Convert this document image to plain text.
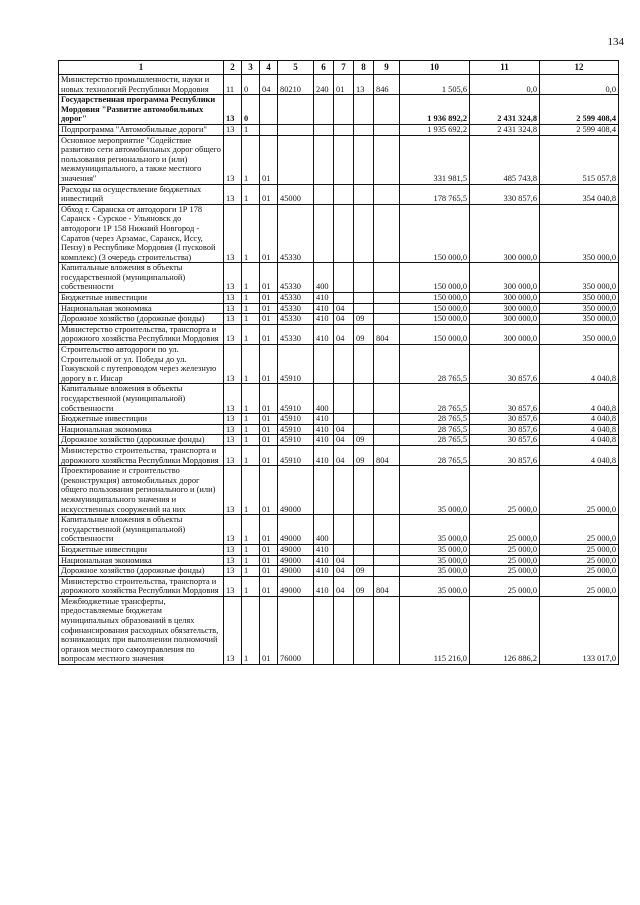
134
1	2	3	4	5	6	7	8	9	10	11	12
Министерство промышленности, науки и новых технологий Республики Мордовия	11	0	04	80210	240	01	13	846	1 505,6	0,0	0,0
Государственная программа Республики Мордовия "Развитие автомобильных дорог"	13	0							1 936 892,2	2 431 324,8	2 599 408,4
Подпрограмма "Автомобильные дороги"	13	1							1 935 692,2	2 431 324,8	2 599 408,4
Основное мероприятие "Содействие развитию сети автомобильных дорог общего пользования регионального и (или) межмуниципального, а также местного значения"	13	1	01						331 981,5	485 743,8	515 057,8
Расходы на осуществление бюджетных инвестиций	13	1	01	45000					178 765,5	330 857,6	354 040,8
Обход г. Саранска от автодороги 1Р 178 Саранск - Сурское - Ульяновск до автодороги 1Р 158 Нижний Новгород - Саратов (через Арзамас, Саранск, Исcу, Пензу) в Республике Мордовия (I пусковой комплекс) (3 очередь строительства)	13	1	01	45330					150 000,0	300 000,0	350 000,0
Капитальные вложения в объекты государственной (муниципальной) собственности	13	1	01	45330	400				150 000,0	300 000,0	350 000,0
Бюджетные инвестиции	13	1	01	45330	410				150 000,0	300 000,0	350 000,0
Национальная экономика	13	1	01	45330	410	04			150 000,0	300 000,0	350 000,0
Дорожное хозяйство (дорожные фонды)	13	1	01	45330	410	04	09		150 000,0	300 000,0	350 000,0
Министерство строительства, транспорта и дорожного хозяйства Республики Мордовия	13	1	01	45330	410	04	09	804	150 000,0	300 000,0	350 000,0
Строительство автодороги по ул. Строительной от ул. Победы до ул. Гожувской с путепроводом через железную дорогу в г. Инсар	13	1	01	45910					28 765,5	30 857,6	4 040,8
Капитальные вложения в объекты государственной (муниципальной) собственности	13	1	01	45910	400				28 765,5	30 857,6	4 040,8
Бюджетные инвестиции	13	1	01	45910	410				28 765,5	30 857,6	4 040,8
Национальная экономика	13	1	01	45910	410	04			28 765,5	30 857,6	4 040,8
Дорожное хозяйство (дорожные фонды)	13	1	01	45910	410	04	09		28 765,5	30 857,6	4 040,8
Министерство строительства, транспорта и дорожного хозяйства Республики Мордовия	13	1	01	45910	410	04	09	804	28 765,5	30 857,6	4 040,8
Проектирование и строительство (реконструкция) автомобильных дорог общего пользования регионального и (или) межмуниципального значения и искусственных сооружений на них	13	1	01	49000					35 000,0	25 000,0	25 000,0
Капитальные вложения в объекты государственной (муниципальной) собственности	13	1	01	49000	400				35 000,0	25 000,0	25 000,0
Бюджетные инвестиции	13	1	01	49000	410				35 000,0	25 000,0	25 000,0
Национальная экономика	13	1	01	49000	410	04			35 000,0	25 000,0	25 000,0
Дорожное хозяйство (дорожные фонды)	13	1	01	49000	410	04	09		35 000,0	25 000,0	25 000,0
Министерство строительства, транспорта и дорожного хозяйства Республики Мордовия	13	1	01	49000	410	04	09	804	35 000,0	25 000,0	25 000,0
Межбюджетные трансферты, предоставляемые бюджетам муниципальных образований в целях софинансирования расходных обязательств, возникающих при выполнении полномочий органов местного самоуправления по вопросам местного значения	13	1	01	76000					115 216,0	126 886,2	133 017,0
